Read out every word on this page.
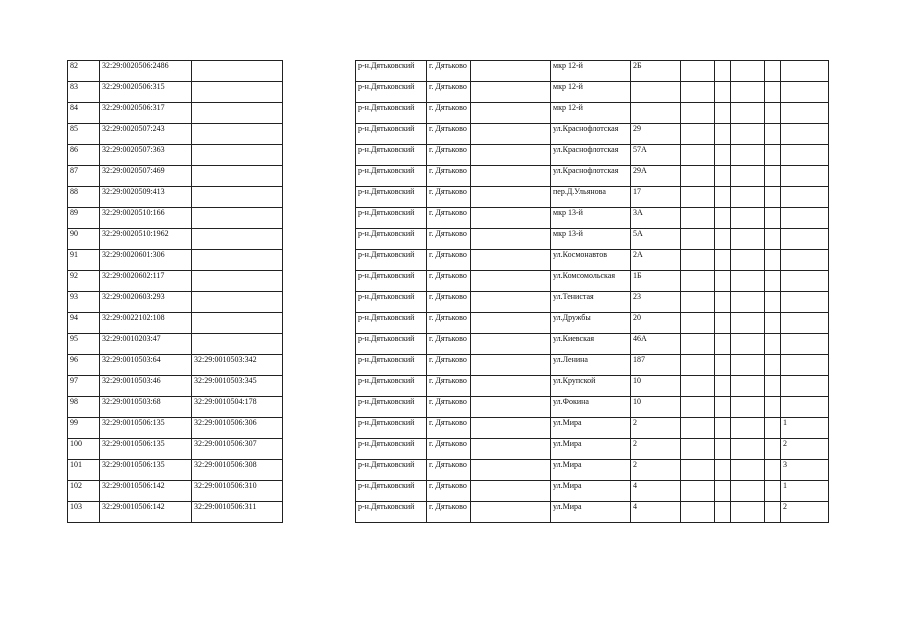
82	32:29:0020506:2486	
83	32:29:0020506:315	
84	32:29:0020506:317	
85	32:29:0020507:243	
86	32:29:0020507:363	
87	32:29:0020507:469	
88	32:29:0020509:413	
89	32:29:0020510:166	
90	32:29:0020510:1962	
91	32:29:0020601:306	
92	32:29:0020602:117	
93	32:29:0020603:293	
94	32:29:0022102:108	
95	32:29:0010203:47	
96	32:29:0010503:64	32:29:0010503:342
97	32:29:0010503:46	32:29:0010503:345
98	32:29:0010503:68	32:29:0010504:178
99	32:29:0010506:135	32:29:0010506:306
100	32:29:0010506:135	32:29:0010506:307
101	32:29:0010506:135	32:29:0010506:308
102	32:29:0010506:142	32:29:0010506:310
103	32:29:0010506:142	32:29:0010506:311
р-н.Дятьковский	г. Дятьково		мкр 12-й	2Б					
р-н.Дятьковский	г. Дятьково		мкр 12-й						
р-н.Дятьковский	г. Дятьково		мкр 12-й						
р-н.Дятьковский	г. Дятьково		ул.Краснофлотская	29					
р-н.Дятьковский	г. Дятьково		ул.Краснофлотская	57А					
р-н.Дятьковский	г. Дятьково		ул.Краснофлотская	29А					
р-н.Дятьковский	г. Дятьково		пер.Д.Ульянова	17					
р-н.Дятьковский	г. Дятьково		мкр 13-й	3А					
р-н.Дятьковский	г. Дятьково		мкр 13-й	5А					
р-н.Дятьковский	г. Дятьково		ул.Космонавтов	2А					
р-н.Дятьковский	г. Дятьково		ул.Комсомольская	1Б					
р-н.Дятьковский	г. Дятьково		ул.Тенистая	23					
р-н.Дятьковский	г. Дятьково		ул.Дружбы	20					
р-н.Дятьковский	г. Дятьково		ул.Киевская	46А					
р-н.Дятьковский	г. Дятьково		ул.Ленина	187					
р-н.Дятьковский	г. Дятьково		ул.Крупской	10					
р-н.Дятьковский	г. Дятьково		ул.Фокина	10					
р-н.Дятьковский	г. Дятьково		ул.Мира	2					1
р-н.Дятьковский	г. Дятьково		ул.Мира	2					2
р-н.Дятьковский	г. Дятьково		ул.Мира	2					3
р-н.Дятьковский	г. Дятьково		ул.Мира	4					1
р-н.Дятьковский	г. Дятьково		ул.Мира	4					2
